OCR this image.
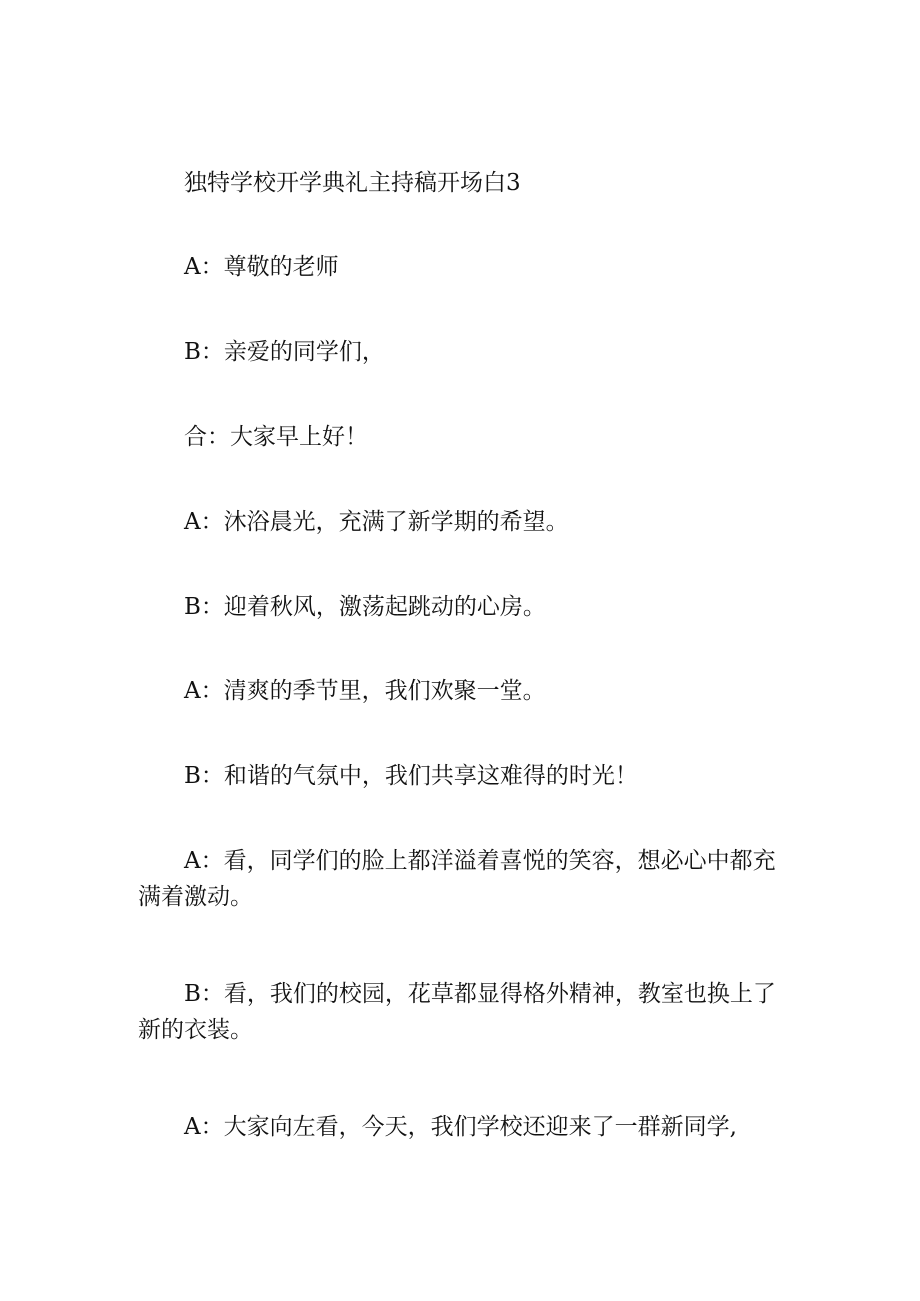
独特学校开学典礼主持稿开场白3

A：尊敬的老师

B：亲爱的同学们，

合：大家早上好！

A：沐浴晨光，充满了新学期的希望。

B：迎着秋风，激荡起跳动的心房。

A：清爽的季节里，我们欢聚一堂。

B：和谐的气氛中，我们共享这难得的时光！

A：看，同学们的脸上都洋溢着喜悦的笑容，想必心中都充满着激动。

B：看，我们的校园，花草都显得格外精神，教室也换上了新的衣装。

A：大家向左看，今天，我们学校还迎来了一群新同学,
